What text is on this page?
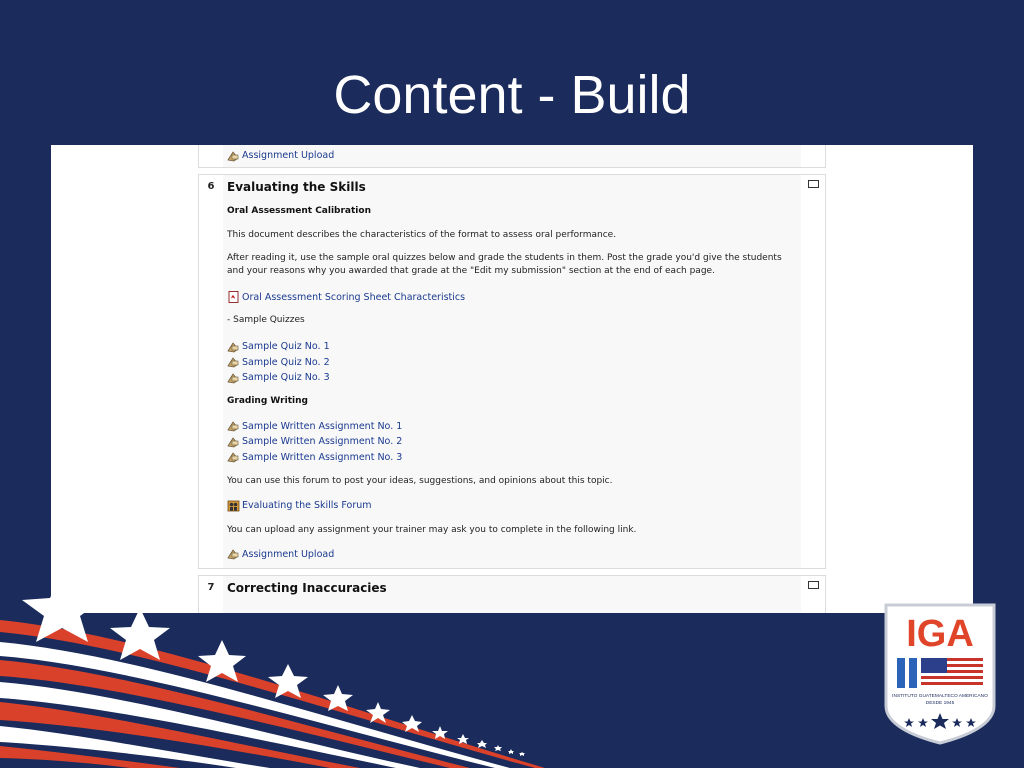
Content - Build
Assignment Upload
6	Evaluating the Skills
Oral Assessment Calibration
This document describes the characteristics of the format to assess oral performance.
After reading it, use the sample oral quizzes below and grade the students in them. Post the grade you'd give the students and your reasons why you awarded that grade at the "Edit my submission" section at the end of each page.
Oral Assessment Scoring Sheet Characteristics
- Sample Quizzes
Sample Quiz No. 1
Sample Quiz No. 2
Sample Quiz No. 3
Grading Writing
Sample Written Assignment No. 1
Sample Written Assignment No. 2
Sample Written Assignment No. 3
You can use this forum to post your ideas, suggestions, and opinions about this topic.
Evaluating the Skills Forum
You can upload any assignment your trainer may ask you to complete in the following link.
Assignment Upload
7	Correcting Inaccuracies
IGA
INSTITUTO GUATEMALTECO AMERICANO
DESDE 1945
